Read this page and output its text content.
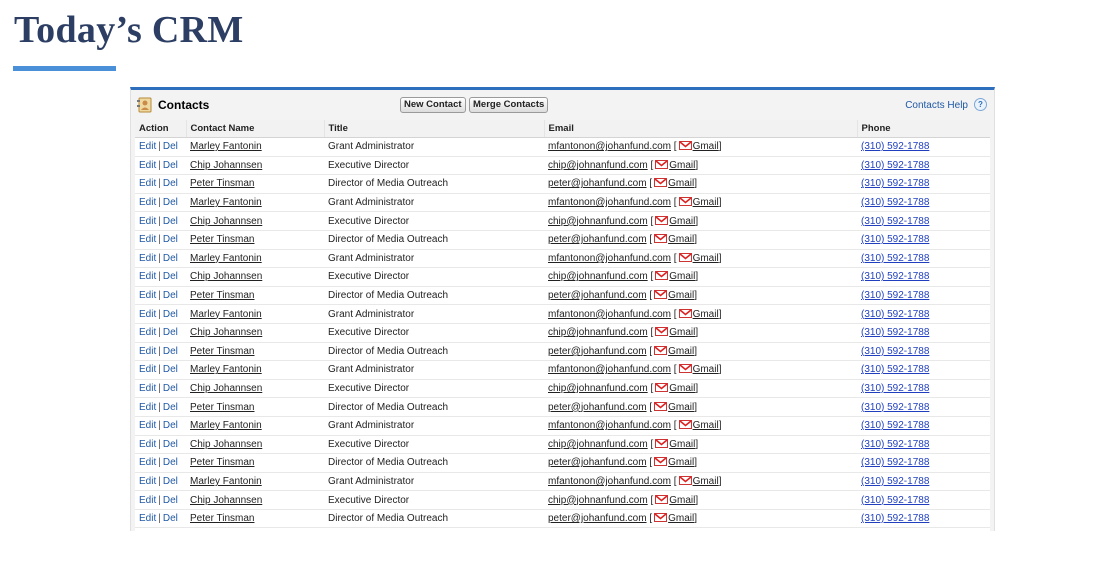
Today’s CRM
Contacts	New Contact	Merge Contacts	Contacts Help	?
Action	Contact Name	Title	Email	Phone
Edit | Del	Marley Fantonin	Grant Administrator	mfantonon@johanfund.com [ Gmail]	(310) 592-1788
Edit | Del	Chip Johannsen	Executive Director	chip@johnanfund.com [ Gmail]	(310) 592-1788
Edit | Del	Peter Tinsman	Director of Media Outreach	peter@johanfund.com [ Gmail]	(310) 592-1788
Edit | Del	Marley Fantonin	Grant Administrator	mfantonon@johanfund.com [ Gmail]	(310) 592-1788
Edit | Del	Chip Johannsen	Executive Director	chip@johnanfund.com [ Gmail]	(310) 592-1788
Edit | Del	Peter Tinsman	Director of Media Outreach	peter@johanfund.com [ Gmail]	(310) 592-1788
Edit | Del	Marley Fantonin	Grant Administrator	mfantonon@johanfund.com [ Gmail]	(310) 592-1788
Edit | Del	Chip Johannsen	Executive Director	chip@johnanfund.com [ Gmail]	(310) 592-1788
Edit | Del	Peter Tinsman	Director of Media Outreach	peter@johanfund.com [ Gmail]	(310) 592-1788
Edit | Del	Marley Fantonin	Grant Administrator	mfantonon@johanfund.com [ Gmail]	(310) 592-1788
Edit | Del	Chip Johannsen	Executive Director	chip@johnanfund.com [ Gmail]	(310) 592-1788
Edit | Del	Peter Tinsman	Director of Media Outreach	peter@johanfund.com [ Gmail]	(310) 592-1788
Edit | Del	Marley Fantonin	Grant Administrator	mfantonon@johanfund.com [ Gmail]	(310) 592-1788
Edit | Del	Chip Johannsen	Executive Director	chip@johnanfund.com [ Gmail]	(310) 592-1788
Edit | Del	Peter Tinsman	Director of Media Outreach	peter@johanfund.com [ Gmail]	(310) 592-1788
Edit | Del	Marley Fantonin	Grant Administrator	mfantonon@johanfund.com [ Gmail]	(310) 592-1788
Edit | Del	Chip Johannsen	Executive Director	chip@johnanfund.com [ Gmail]	(310) 592-1788
Edit | Del	Peter Tinsman	Director of Media Outreach	peter@johanfund.com [ Gmail]	(310) 592-1788
Edit | Del	Marley Fantonin	Grant Administrator	mfantonon@johanfund.com [ Gmail]	(310) 592-1788
Edit | Del	Chip Johannsen	Executive Director	chip@johnanfund.com [ Gmail]	(310) 592-1788
Edit | Del	Peter Tinsman	Director of Media Outreach	peter@johanfund.com [ Gmail]	(310) 592-1788
